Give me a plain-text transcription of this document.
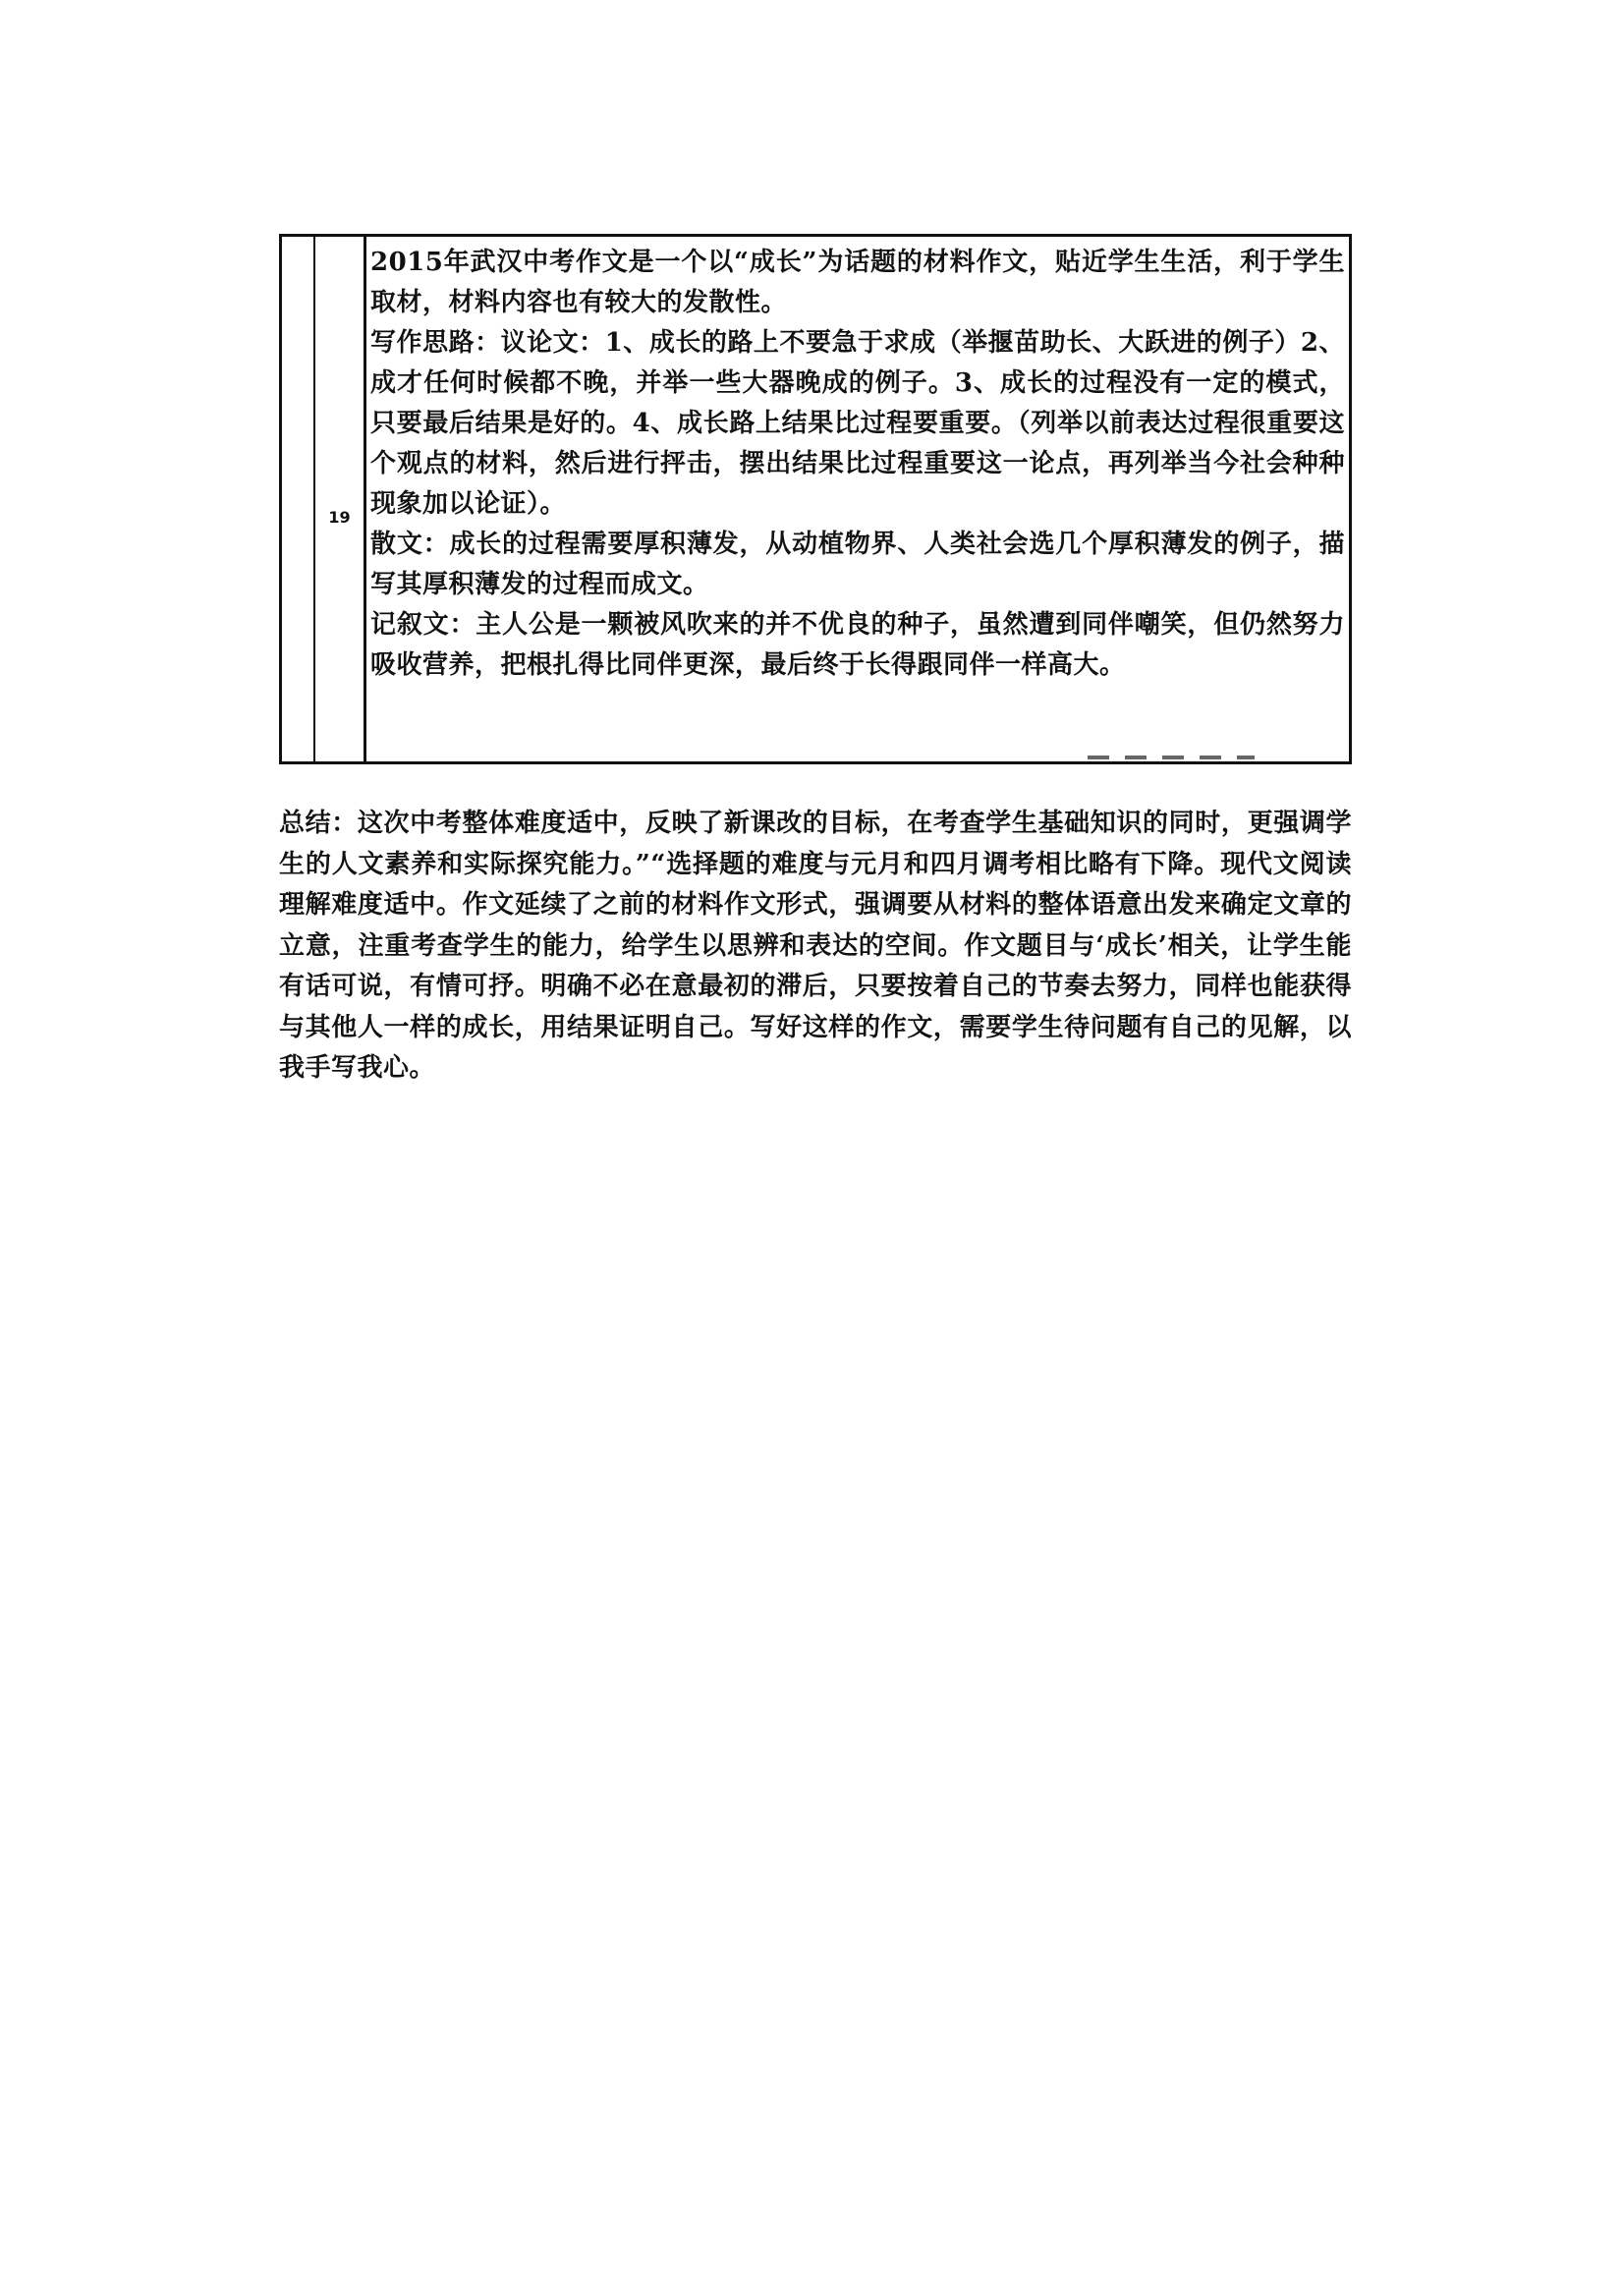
19

2015年武汉中考作文是一个以“成长”为话题的材料作文，贴近学生生活，利于学生取材，材料内容也有较大的发散性。

写作思路：议论文：1、成长的路上不要急于求成（举揠苗助长、大跃进的例子）2、成才任何时候都不晚，并举一些大器晚成的例子。3、成长的过程没有一定的模式，只要最后结果是好的。4、成长路上结果比过程要重要。（列举以前表达过程很重要这个观点的材料，然后进行抨击，摆出结果比过程重要这一论点，再列举当今社会种种现象加以论证）。

散文：成长的过程需要厚积薄发，从动植物界、人类社会选几个厚积薄发的例子，描写其厚积薄发的过程而成文。

记叙文：主人公是一颗被风吹来的并不优良的种子，虽然遭到同伴嘲笑，但仍然努力吸收营养，把根扎得比同伴更深，最后终于长得跟同伴一样高大。

总结：这次中考整体难度适中，反映了新课改的目标，在考查学生基础知识的同时，更强调学生的人文素养和实际探究能力。”“选择题的难度与元月和四月调考相比略有下降。现代文阅读理解难度适中。作文延续了之前的材料作文形式，强调要从材料的整体语意出发来确定文章的立意，注重考查学生的能力，给学生以思辨和表达的空间。作文题目与‘成长’相关，让学生能有话可说，有情可抒。明确不必在意最初的滞后，只要按着自己的节奏去努力，同样也能获得与其他人一样的成长，用结果证明自己。写好这样的作文，需要学生待问题有自己的见解，以我手写我心。
